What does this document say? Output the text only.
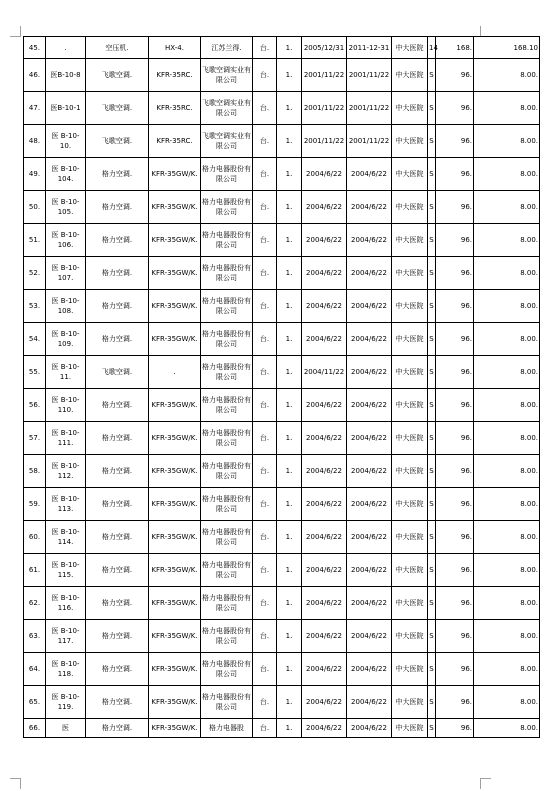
45.	.	空压机.	HX-4.	江苏兰得.	台.	1.	2005/12/31	2011-12-31	中大医院	14	168.	168.10
46.	医B-10-8	飞歌空调.	KFR-35RC.	飞歌空调实业有限公司	台.	1.	2001/11/22	2001/11/22	中大医院	S	96.	8.00.
47.	医B-10-1	飞歌空调.	KFR-35RC.	飞歌空调实业有限公司	台.	1.	2001/11/22	2001/11/22	中大医院	S	96.	8.00.
48.	医 B-10-10.	飞歌空调.	KFR-35RC.	飞歌空调实业有限公司	台.	1.	2001/11/22	2001/11/22	中大医院	S	96.	8.00.
49.	医 B-10-104.	格力空调.	KFR-35GW/K.	格力电器股份有限公司	台.	1.	2004/6/22	2004/6/22	中大医院	S	96.	8.00.
50.	医 B-10-105.	格力空调.	KFR-35GW/K.	格力电器股份有限公司	台.	1.	2004/6/22	2004/6/22	中大医院	S	96.	8.00.
51.	医 B-10-106.	格力空调.	KFR-35GW/K.	格力电器股份有限公司	台.	1.	2004/6/22	2004/6/22	中大医院	S	96.	8.00.
52.	医 B-10-107.	格力空调.	KFR-35GW/K.	格力电器股份有限公司	台.	1.	2004/6/22	2004/6/22	中大医院	S	96.	8.00.
53.	医 B-10-108.	格力空调.	KFR-35GW/K.	格力电器股份有限公司	台.	1.	2004/6/22	2004/6/22	中大医院	S	96.	8.00.
54.	医 B-10-109.	格力空调.	KFR-35GW/K.	格力电器股份有限公司	台.	1.	2004/6/22	2004/6/22	中大医院	S	96.	8.00.
55.	医 B-10-11.	飞歌空调.	.	格力电器股份有限公司	台.	1.	2004/11/22	2004/6/22	中大医院	S	96.	8.00.
56.	医 B-10-110.	格力空调.	KFR-35GW/K.	格力电器股份有限公司	台.	1.	2004/6/22	2004/6/22	中大医院	S	96.	8.00.
57.	医 B-10-111.	格力空调.	KFR-35GW/K.	格力电器股份有限公司	台.	1.	2004/6/22	2004/6/22	中大医院	S	96.	8.00.
58.	医 B-10-112.	格力空调.	KFR-35GW/K.	格力电器股份有限公司	台.	1.	2004/6/22	2004/6/22	中大医院	S	96.	8.00.
59.	医 B-10-113.	格力空调.	KFR-35GW/K.	格力电器股份有限公司	台.	1.	2004/6/22	2004/6/22	中大医院	S	96.	8.00.
60.	医 B-10-114.	格力空调.	KFR-35GW/K.	格力电器股份有限公司	台.	1.	2004/6/22	2004/6/22	中大医院	S	96.	8.00.
61.	医 B-10-115.	格力空调.	KFR-35GW/K.	格力电器股份有限公司	台.	1.	2004/6/22	2004/6/22	中大医院	S	96.	8.00.
62.	医 B-10-116.	格力空调.	KFR-35GW/K.	格力电器股份有限公司	台.	1.	2004/6/22	2004/6/22	中大医院	S	96.	8.00.
63.	医 B-10-117.	格力空调.	KFR-35GW/K.	格力电器股份有限公司	台.	1.	2004/6/22	2004/6/22	中大医院	S	96.	8.00.
64.	医 B-10-118.	格力空调.	KFR-35GW/K.	格力电器股份有限公司	台.	1.	2004/6/22	2004/6/22	中大医院	S	96.	8.00.
65.	医 B-10-119.	格力空调.	KFR-35GW/K.	格力电器股份有限公司	台.	1.	2004/6/22	2004/6/22	中大医院	S	96.	8.00.
66.	医	格力空调.	KFR-35GW/K.	格力电器股	台.	1.	2004/6/22	2004/6/22	中大医院	S	96.	8.00.
